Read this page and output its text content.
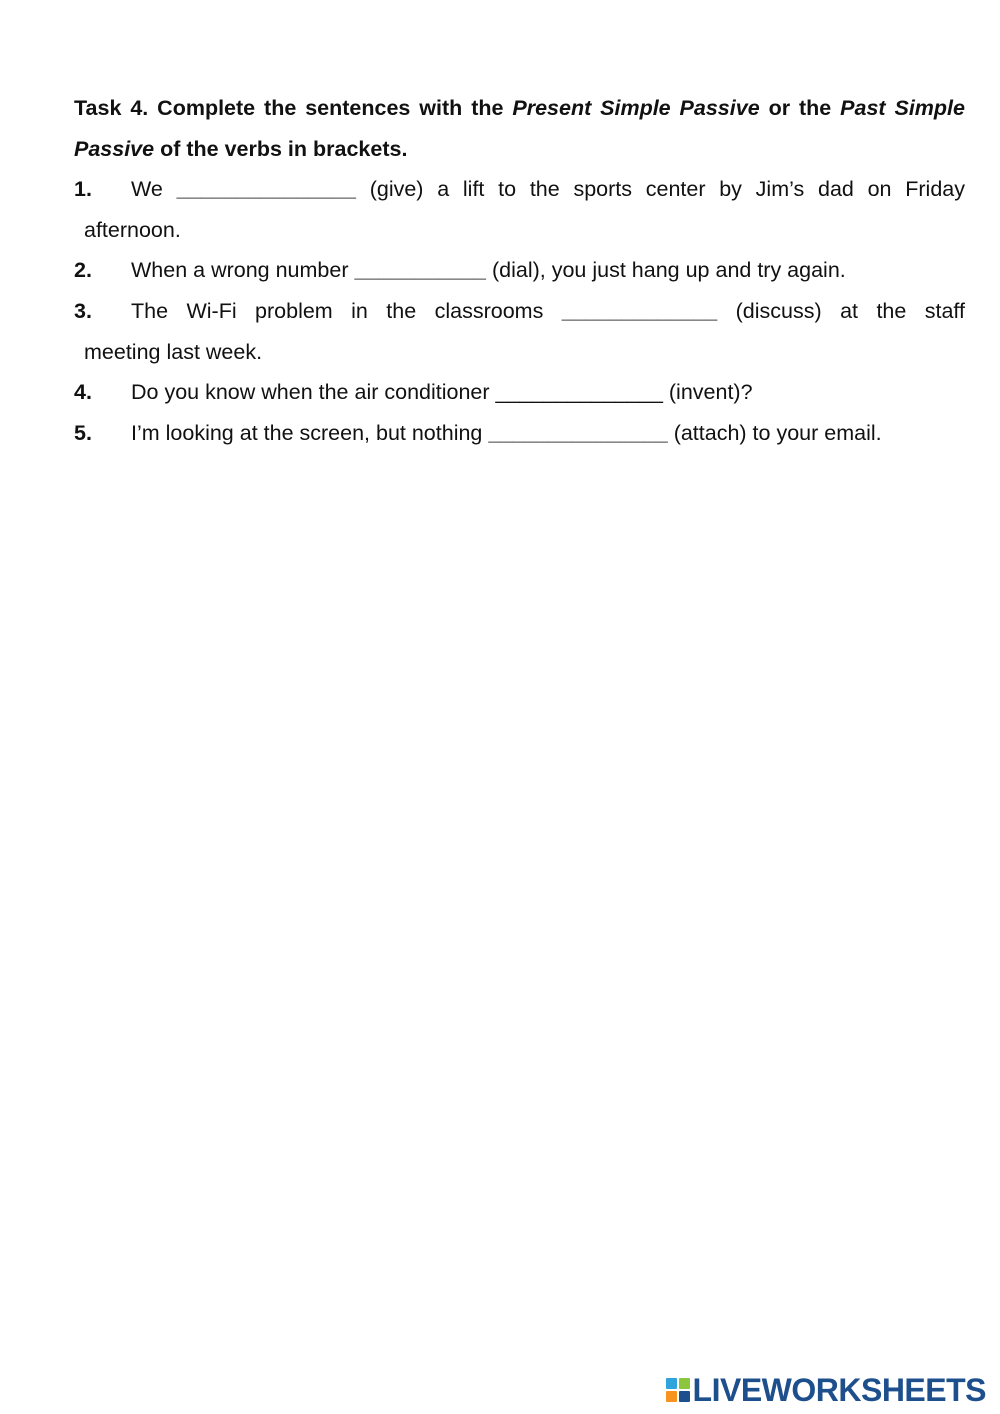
Task 4. Complete the sentences with the Present Simple Passive or the Past Simple Passive of the verbs in brackets.

1.	We _______________ (give) a lift to the sports center by Jim’s dad on Friday

afternoon.

2.	When a wrong number ___________ (dial), you just hang up and try again.
3.	The Wi-Fi problem in the classrooms _____________ (discuss) at the staff

meeting last week.

4.	Do you know when the air conditioner ______________ (invent)?
5.	I’m looking at the screen, but nothing _______________ (attach) to your email.
LIVEWORKSHEETS
